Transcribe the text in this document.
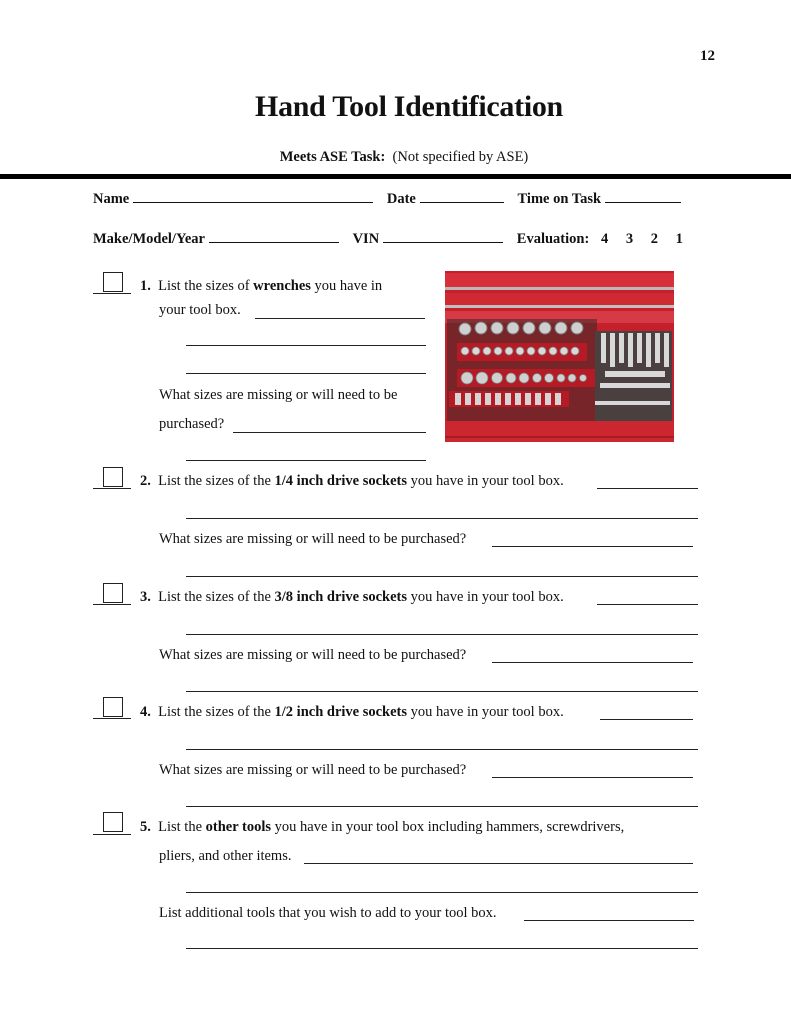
12
Hand Tool Identification
Meets ASE Task: (Not specified by ASE)
Name	Date	Time on Task
Make/Model/Year	VIN	Evaluation: 4 3 2 1
1. List the sizes of wrenches you have in
your tool box.
What sizes are missing or will need to be
purchased?
2. List the sizes of the 1/4 inch drive sockets you have in your tool box.
What sizes are missing or will need to be purchased?
3. List the sizes of the 3/8 inch drive sockets you have in your tool box.
What sizes are missing or will need to be purchased?
4. List the sizes of the 1/2 inch drive sockets you have in your tool box.
What sizes are missing or will need to be purchased?
5. List the other tools you have in your tool box including hammers, screwdrivers,
pliers, and other items.
List additional tools that you wish to add to your tool box.
